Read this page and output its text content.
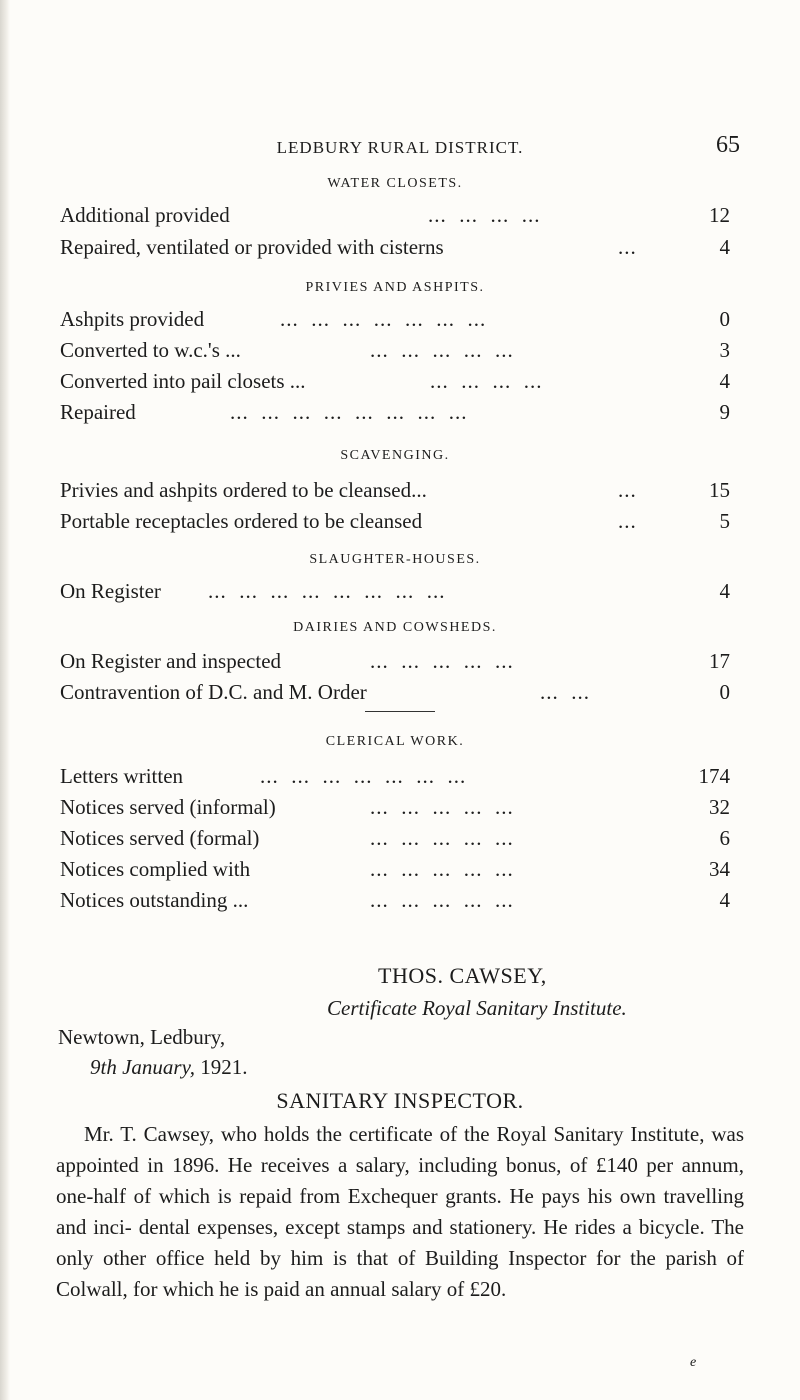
LEDBURY RURAL DISTRICT.	65
WATER CLOSETS.
Additional provided	...  ...  ...  ...	12
Repaired, ventilated or provided with cisterns	...	4
PRIVIES AND ASHPITS.
Ashpits provided	...  ...  ...  ...  ...  ...  ...	0
Converted to w.c.'s ...	...  ...  ...  ...  ...	3
Converted into pail closets ...	...  ...  ...  ...	4
Repaired	...  ...  ...  ...  ...  ...  ...  ...	9
SCAVENGING.
Privies and ashpits ordered to be cleansed...	...	15
Portable receptacles ordered to be cleansed	...	5
SLAUGHTER-HOUSES.
On Register ...  ...  ...  ...  ...  ...  ...  ...	4
DAIRIES AND COWSHEDS.
On Register and inspected	...  ...  ...  ...  ...	17
Contravention of D.C. and M. Order	...  ...	0
CLERICAL WORK.
Letters written	...  ...  ...  ...  ...  ...  ...	174
Notices served (informal)	...  ...  ...  ...  ...	32
Notices served (formal)	...  ...  ...  ...  ...	6
Notices complied with	...  ...  ...  ...  ...	34
Notices outstanding ...	...  ...  ...  ...  ...	4
THOS. CAWSEY,
Certificate Royal Sanitary Institute.
Newtown, Ledbury,
9th January, 1921.
SANITARY INSPECTOR.
Mr. T. Cawsey, who holds the certificate of the Royal Sanitary Institute, was appointed in 1896. He receives a salary, including bonus, of £140 per annum, one-half of which is repaid from Exchequer grants. He pays his own travelling and inci- dental expenses, except stamps and stationery. He rides a bicycle. The only other office held by him is that of Building Inspector for the parish of Colwall, for which he is paid an annual salary of £20.
e
